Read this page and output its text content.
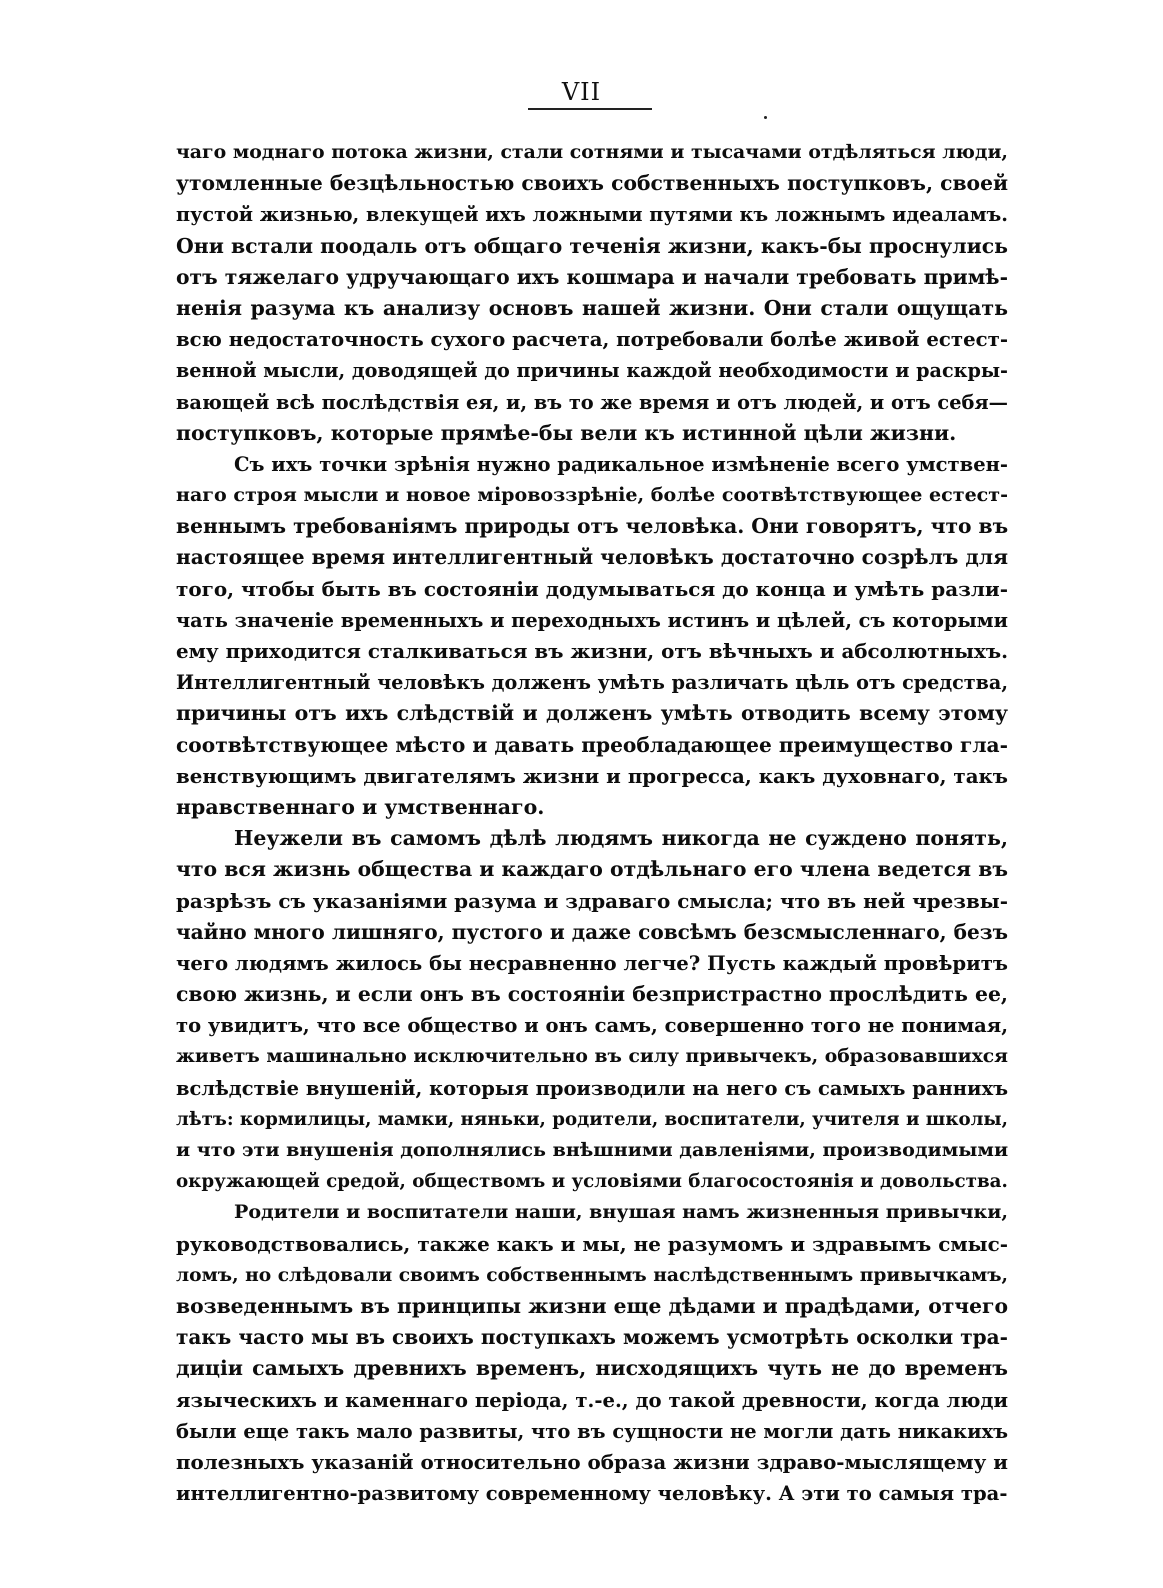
VII
чаго моднаго потока жизни, стали сотнями и тысачами отдѣляться люди,
утомленные безцѣльностью своихъ собственныхъ поступковъ, своей
пустой жизнью, влекущей ихъ ложными путями къ ложнымъ идеаламъ.
Они встали поодаль отъ общаго теченія жизни, какъ-бы проснулись
отъ тяжелаго удручающаго ихъ кошмара и начали требовать примѣ-
ненія разума къ анализу основъ нашей жизни. Они стали ощущать
всю недостаточность сухого расчета, потребовали болѣе живой естест-
венной мысли, доводящей до причины каждой необходимости и раскры-
вающей всѣ послѣдствія ея, и, въ то же время и отъ людей, и отъ себя—
поступковъ, которые прямѣе-бы вели къ истинной цѣли жизни.
Съ ихъ точки зрѣнія нужно радикальное измѣненіе всего умствен-
наго строя мысли и новое міровоззрѣніе, болѣе соотвѣтствующее естест-
веннымъ требованіямъ природы отъ человѣка. Они говорятъ, что въ
настоящее время интеллигентный человѣкъ достаточно созрѣлъ для
того, чтобы быть въ состояніи додумываться до конца и умѣть разли-
чать значеніе временныхъ и переходныхъ истинъ и цѣлей, съ которыми
ему приходится сталкиваться въ жизни, отъ вѣчныхъ и абсолютныхъ.
Интеллигентный человѣкъ долженъ умѣть различать цѣль отъ средства,
причины отъ ихъ слѣдствій и долженъ умѣть отводить всему этому
соотвѣтствующее мѣсто и давать преобладающее преимущество гла-
венствующимъ двигателямъ жизни и прогресса, какъ духовнаго, такъ
нравственнаго и умственнаго.
Неужели въ самомъ дѣлѣ людямъ никогда не суждено понять,
что вся жизнь общества и каждаго отдѣльнаго его члена ведется въ
разрѣзъ съ указаніями разума и здраваго смысла; что въ ней чрезвы-
чайно много лишняго, пустого и даже совсѣмъ безсмысленнаго, безъ
чего людямъ жилось бы несравненно легче? Пусть каждый провѣритъ
свою жизнь, и если онъ въ состояніи безпристрастно прослѣдить ее,
то увидитъ, что все общество и онъ самъ, совершенно того не понимая,
живетъ машинально исключительно въ силу привычекъ, образовавшихся
вслѣдствіе внушеній, которыя производили на него съ самыхъ раннихъ
лѣтъ: кормилицы, мамки, няньки, родители, воспитатели, учителя и школы,
и что эти внушенія дополнялись внѣшними давленіями, производимыми
окружающей средой, обществомъ и условіями благосостоянія и довольства.
Родители и воспитатели наши, внушая намъ жизненныя привычки,
руководствовались, также какъ и мы, не разумомъ и здравымъ смыс-
ломъ, но слѣдовали своимъ собственнымъ наслѣдственнымъ привычкамъ,
возведеннымъ въ принципы жизни еще дѣдами и прадѣдами, отчего
такъ часто мы въ своихъ поступкахъ можемъ усмотрѣть осколки тра-
диціи самыхъ древнихъ временъ, нисходящихъ чуть не до временъ
языческихъ и каменнаго періода, т.-е., до такой древности, когда люди
были еще такъ мало развиты, что въ сущности не могли дать никакихъ
полезныхъ указаній относительно образа жизни здраво-мыслящему и
интеллигентно-развитому современному человѣку. А эти то самыя тра-
